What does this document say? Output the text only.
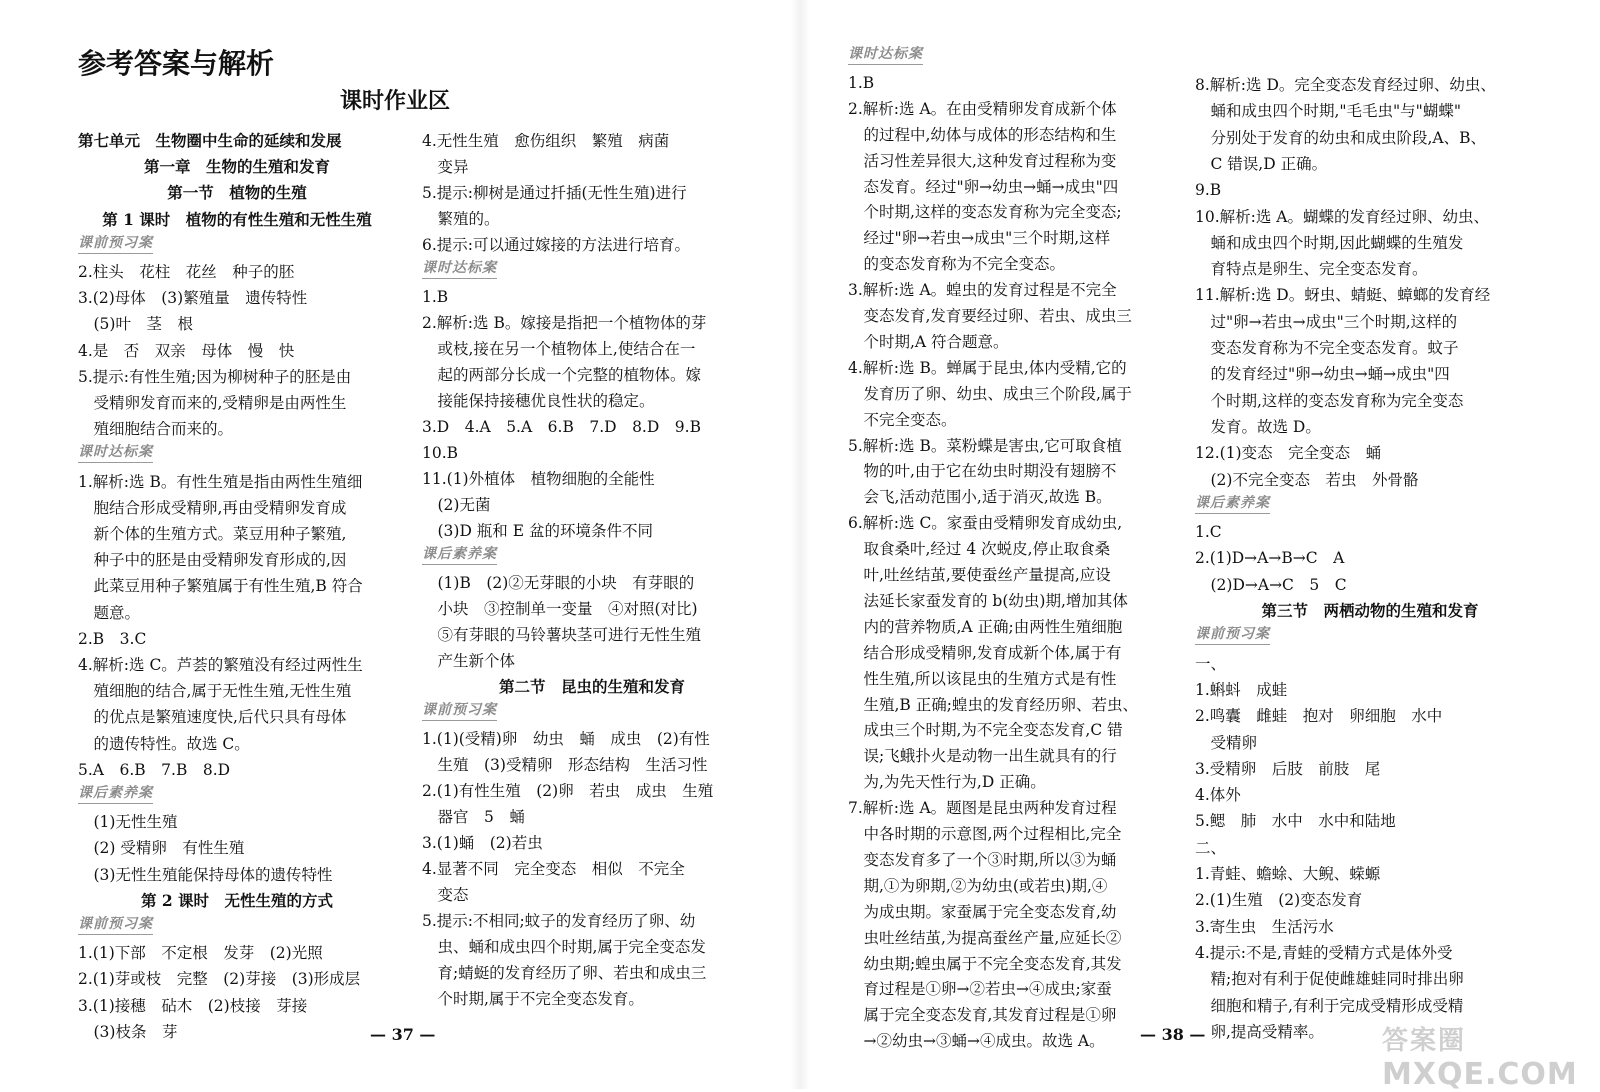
参考答案与解析
课时作业区
第七单元　生物圈中生命的延续和发展
第一章　生物的生殖和发育
第一节　植物的生殖
第 1 课时　植物的有性生殖和无性生殖
课前预习案
2.柱头　花柱　花丝　种子的胚
3.(2)母体　(3)繁殖量　遗传特性
　(5)叶　茎　根
4.是　否　双亲　母体　慢　快
5.提示:有性生殖;因为柳树种子的胚是由
　受精卵发育而来的,受精卵是由两性生
　殖细胞结合而来的。
课时达标案
1.解析:选 B。有性生殖是指由两性生殖细
　胞结合形成受精卵,再由受精卵发育成
　新个体的生殖方式。菜豆用种子繁殖,
　种子中的胚是由受精卵发育形成的,因
　此菜豆用种子繁殖属于有性生殖,B 符合
　题意。
2.B　3.C
4.解析:选 C。芦荟的繁殖没有经过两性生
　殖细胞的结合,属于无性生殖,无性生殖
　的优点是繁殖速度快,后代只具有母体
　的遗传特性。故选 C。
5.A　6.B　7.B　8.D
课后素养案
　(1)无性生殖
　(2) 受精卵　有性生殖
　(3)无性生殖能保持母体的遗传特性
第 2 课时　无性生殖的方式
课前预习案
1.(1)下部　不定根　发芽　(2)光照
2.(1)芽或枝　完整　(2)芽接　(3)形成层
3.(1)接穗　砧木　(2)枝接　芽接
　(3)枝条　芽
4.无性生殖　愈伤组织　繁殖　病菌
　变异
5.提示:柳树是通过扦插(无性生殖)进行
　繁殖的。
6.提示:可以通过嫁接的方法进行培育。
课时达标案
1.B
2.解析:选 B。嫁接是指把一个植物体的芽
　或枝,接在另一个植物体上,使结合在一
　起的两部分长成一个完整的植物体。嫁
　接能保持接穗优良性状的稳定。
3.D　4.A　5.A　6.B　7.D　8.D　9.B
10.B
11.(1)外植体　植物细胞的全能性
　(2)无菌
　(3)D 瓶和 E 盆的环境条件不同
课后素养案
　(1)B　(2)②无芽眼的小块　有芽眼的
　小块　③控制单一变量　④对照(对比)
　⑤有芽眼的马铃薯块茎可进行无性生殖
　产生新个体
第二节　昆虫的生殖和发育
课前预习案
1.(1)(受精)卵　幼虫　蛹　成虫　(2)有性
　生殖　(3)受精卵　形态结构　生活习性
2.(1)有性生殖　(2)卵　若虫　成虫　生殖
　器官　5　蛹
3.(1)蛹　(2)若虫
4.显著不同　完全变态　相似　不完全
　变态
5.提示:不相同;蚊子的发育经历了卵、幼
　虫、蛹和成虫四个时期,属于完全变态发
　育;蜻蜓的发育经历了卵、若虫和成虫三
　个时期,属于不完全变态发育。
— 37 —
课时达标案
1.B
2.解析:选 A。在由受精卵发育成新个体
　的过程中,幼体与成体的形态结构和生
　活习性差异很大,这种发育过程称为变
　态发育。经过"卵→幼虫→蛹→成虫"四
　个时期,这样的变态发育称为完全变态;
　经过"卵→若虫→成虫"三个时期,这样
　的变态发育称为不完全变态。
3.解析:选 A。蝗虫的发育过程是不完全
　变态发育,发育要经过卵、若虫、成虫三
　个时期,A 符合题意。
4.解析:选 B。蝉属于昆虫,体内受精,它的
　发育历了卵、幼虫、成虫三个阶段,属于
　不完全变态。
5.解析:选 B。菜粉蝶是害虫,它可取食植
　物的叶,由于它在幼虫时期没有翅膀不
　会飞,活动范围小,适于消灭,故选 B。
6.解析:选 C。家蚕由受精卵发育成幼虫,
　取食桑叶,经过 4 次蜕皮,停止取食桑
　叶,吐丝结茧,要使蚕丝产量提高,应设
　法延长家蚕发育的 b(幼虫)期,增加其体
　内的营养物质,A 正确;由两性生殖细胞
　结合形成受精卵,发育成新个体,属于有
　性生殖,所以该昆虫的生殖方式是有性
　生殖,B 正确;蝗虫的发育经历卵、若虫、
　成虫三个时期,为不完全变态发育,C 错
　误;飞蛾扑火是动物一出生就具有的行
　为,为先天性行为,D 正确。
7.解析:选 A。题图是昆虫两种发育过程
　中各时期的示意图,两个过程相比,完全
　变态发育多了一个③时期,所以③为蛹
　期,①为卵期,②为幼虫(或若虫)期,④
　为成虫期。家蚕属于完全变态发育,幼
　虫吐丝结茧,为提高蚕丝产量,应延长②
　幼虫期;蝗虫属于不完全变态发育,其发
　育过程是①卵→②若虫→④成虫;家蚕
　属于完全变态发育,其发育过程是①卵
　→②幼虫→③蛹→④成虫。故选 A。
8.解析:选 D。完全变态发育经过卵、幼虫、
　蛹和成虫四个时期,"毛毛虫"与"蝴蝶"
　分别处于发育的幼虫和成虫阶段,A、B、
　C 错误,D 正确。
9.B
10.解析:选 A。蝴蝶的发育经过卵、幼虫、
　蛹和成虫四个时期,因此蝴蝶的生殖发
　育特点是卵生、完全变态发育。
11.解析:选 D。蚜虫、蜻蜓、蟑螂的发育经
　过"卵→若虫→成虫"三个时期,这样的
　变态发育称为不完全变态发育。蚊子
　的发育经过"卵→幼虫→蛹→成虫"四
　个时期,这样的变态发育称为完全变态
　发育。故选 D。
12.(1)变态　完全变态　蛹
　(2)不完全变态　若虫　外骨骼
课后素养案
1.C
2.(1)D→A→B→C　A
　(2)D→A→C　5　C
第三节　两栖动物的生殖和发育
课前预习案
一、
1.蝌蚪　成蛙
2.鸣囊　雌蛙　抱对　卵细胞　水中
　受精卵
3.受精卵　后肢　前肢　尾
4.体外
5.鳃　肺　水中　水中和陆地
二、
1.青蛙、蟾蜍、大鲵、蝾螈
2.(1)生殖　(2)变态发育
3.寄生虫　生活污水
4.提示:不是,青蛙的受精方式是体外受
　精;抱对有利于促使雌雄蛙同时排出卵
　细胞和精子,有利于完成受精形成受精
　卵,提高受精率。
— 38 —	答案圈
MXQE.COM
